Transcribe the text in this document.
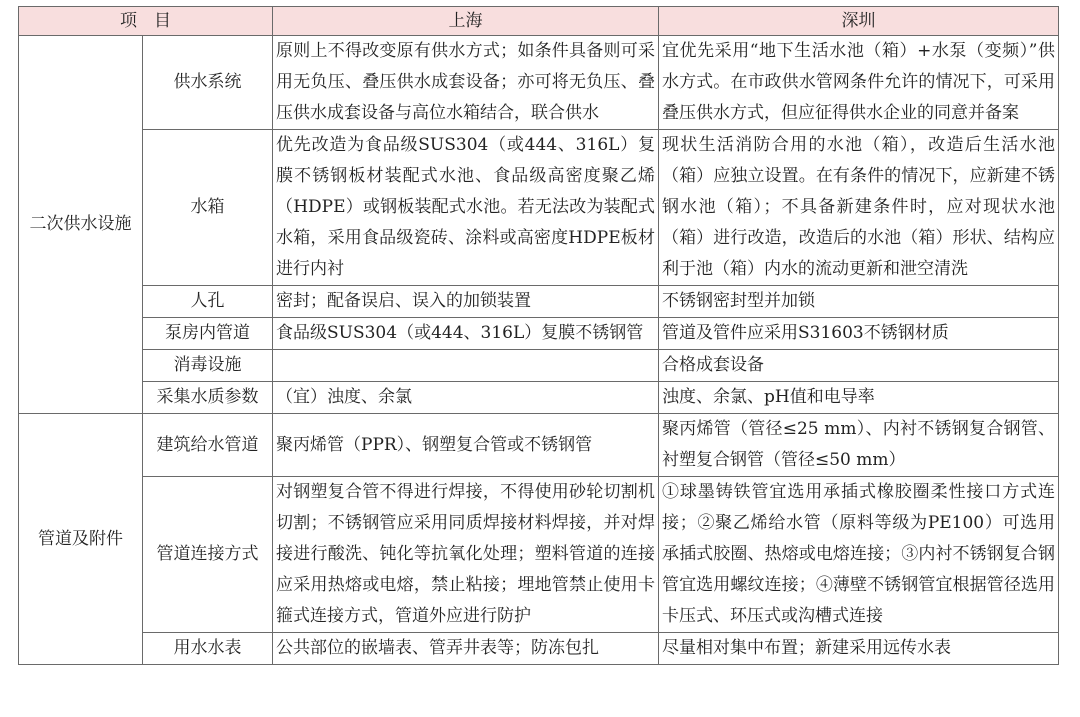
项　目		上海	深圳
二次供水设施	供水系统	原则上不得改变原有供水方式；如条件具备则可采用无负压、叠压供水成套设备；亦可将无负压、叠压供水成套设备与高位水箱结合，联合供水	宜优先采用“地下生活水池（箱）+水泵（变频）”供水方式。在市政供水管网条件允许的情况下，可采用叠压供水方式，但应征得供水企业的同意并备案
	水箱	优先改造为食品级SUS304（或444、316L）复膜不锈钢板材装配式水池、食品级高密度聚乙烯（HDPE）或钢板装配式水池。若无法改为装配式水箱，采用食品级瓷砖、涂料或高密度HDPE板材进行内衬	现状生活消防合用的水池（箱），改造后生活水池（箱）应独立设置。在有条件的情况下，应新建不锈钢水池（箱）；不具备新建条件时，应对现状水池（箱）进行改造，改造后的水池（箱）形状、结构应利于池（箱）内水的流动更新和泄空清洗
	人孔	密封；配备误启、误入的加锁装置	不锈钢密封型并加锁
	泵房内管道	食品级SUS304（或444、316L）复膜不锈钢管	管道及管件应采用S31603不锈钢材质
	消毒设施		合格成套设备
	采集水质参数	（宜）浊度、余氯	浊度、余氯、pH值和电导率
管道及附件	建筑给水管道	聚丙烯管（PPR）、钢塑复合管或不锈钢管	聚丙烯管（管径≤25 mm）、内衬不锈钢复合钢管、衬塑复合钢管（管径≤50 mm）
	管道连接方式	对钢塑复合管不得进行焊接，不得使用砂轮切割机切割；不锈钢管应采用同质焊接材料焊接，并对焊接进行酸洗、钝化等抗氧化处理；塑料管道的连接应采用热熔或电熔，禁止粘接；埋地管禁止使用卡箍式连接方式，管道外应进行防护	①球墨铸铁管宜选用承插式橡胶圈柔性接口方式连接；②聚乙烯给水管（原料等级为PE100）可选用承插式胶圈、热熔或电熔连接；③内衬不锈钢复合钢管宜选用螺纹连接；④薄壁不锈钢管宜根据管径选用卡压式、环压式或沟槽式连接
	用水水表	公共部位的嵌墙表、管弄井表等；防冻包扎	尽量相对集中布置；新建采用远传水表
